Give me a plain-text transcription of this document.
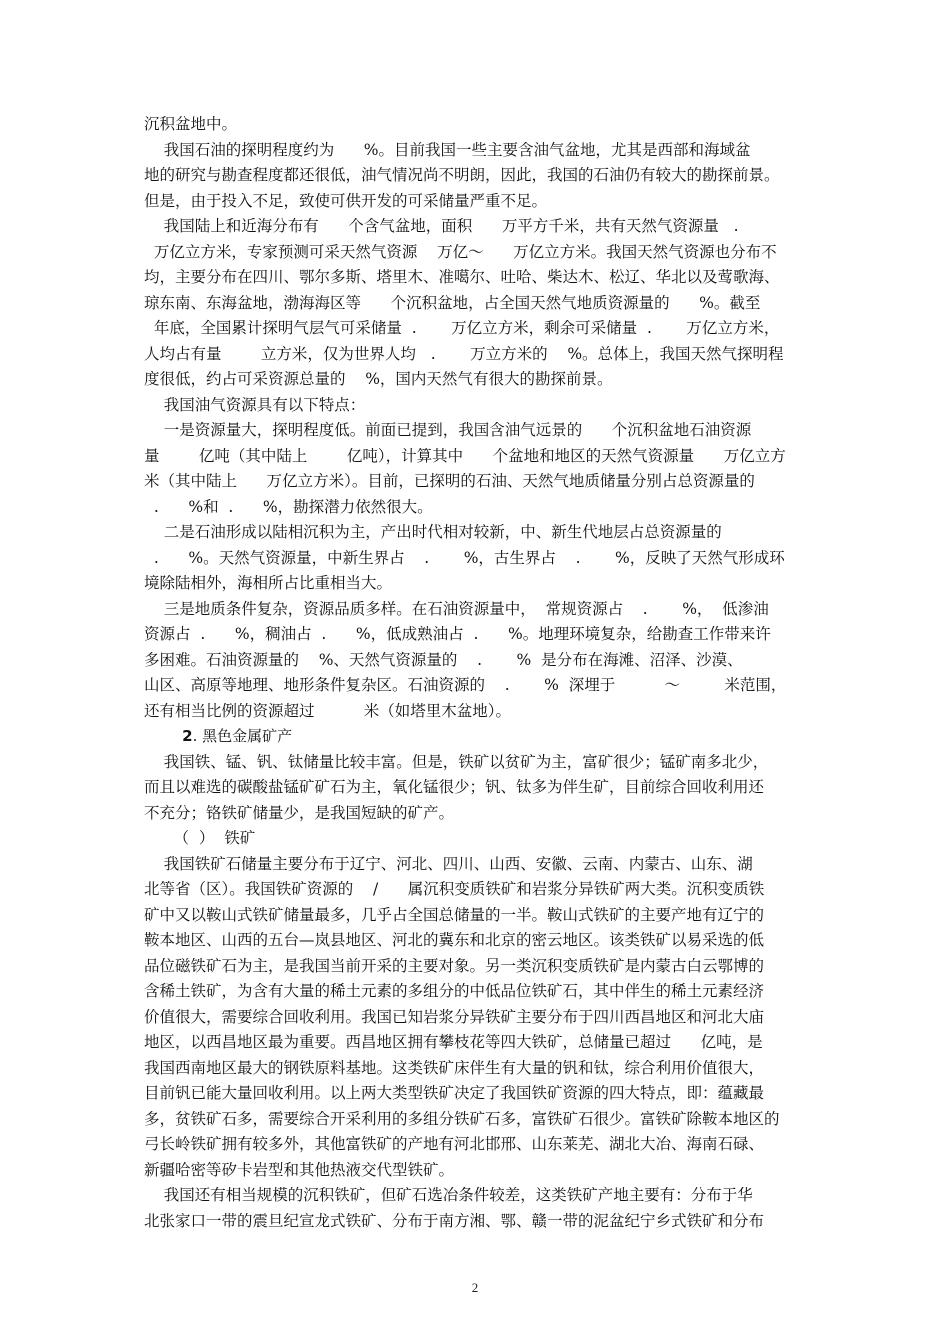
沉积盆地中。
我国石油的探明程度约为      %。目前我国一些主要含油气盆地，尤其是西部和海域盆
地的研究与勘查程度都还很低，油气情况尚不明朗，因此，我国的石油仍有较大的勘探前景。
但是，由于投入不足，致使可供开发的可采储量严重不足。
我国陆上和近海分布有      个含气盆地，面积      万平方千米，共有天然气资源量   .
万亿立方米，专家预测可采天然气资源    万亿～      万亿立方米。我国天然气资源也分布不
均，主要分布在四川、鄂尔多斯、塔里木、准噶尔、吐哈、柴达木、松辽、华北以及莺歌海、
琼东南、东海盆地，渤海海区等      个沉积盆地，占全国天然气地质资源量的      %。截至
年底，全国累计探明气层气可采储量  .       万亿立方米，剩余可采储量  .       万亿立方米，
人均占有量        立方米，仅为世界人均   .       万立方米的    %。总体上，我国天然气探明程
度很低，约占可采资源总量的    %，国内天然气有很大的勘探前景。
我国油气资源具有以下特点：
一是资源量大，探明程度低。前面已提到，我国含油气远景的      个沉积盆地石油资源
量        亿吨（其中陆上        亿吨），计算其中      个盆地和地区的天然气资源量      万亿立方
米（其中陆上      万亿立方米）。目前，已探明的石油、天然气地质储量分别占总资源量的
.      %和  .      %，勘探潜力依然很大。
二是石油形成以陆相沉积为主，产出时代相对较新，中、新生代地层占总资源量的
.      %。天然气资源量，中新生界占    .       %，古生界占    .       %，反映了天然气形成环
境除陆相外，海相所占比重相当大。
三是地质条件复杂，资源品质多样。在石油资源量中，  常规资源占    .       %，  低渗油
资源占  .      %，稠油占  .      %，低成熟油占  .      %。地理环境复杂，给勘查工作带来许
多困难。石油资源量的    %、天然气资源量的    .       %  是分布在海滩、沼泽、沙漠、
山区、高原等地理、地形条件复杂区。石油资源的    .       %  深埋于          ～         米范围，
还有相当比例的资源超过          米（如塔里木盆地）。
2. 黑色金属矿产
我国铁、锰、钒、钛储量比较丰富。但是，铁矿以贫矿为主，富矿很少；锰矿南多北少，
而且以难选的碳酸盐锰矿矿石为主，氧化锰很少；钒、钛多为伴生矿，目前综合回收利用还
不充分；铬铁矿储量少，是我国短缺的矿产。
（  ）  铁矿
我国铁矿石储量主要分布于辽宁、河北、四川、山西、安徽、云南、内蒙古、山东、湖
北等省（区）。我国铁矿资源的    /      属沉积变质铁矿和岩浆分异铁矿两大类。沉积变质铁
矿中又以鞍山式铁矿储量最多，几乎占全国总储量的一半。鞍山式铁矿的主要产地有辽宁的
鞍本地区、山西的五台—岚县地区、河北的冀东和北京的密云地区。该类铁矿以易采选的低
品位磁铁矿石为主，是我国当前开采的主要对象。另一类沉积变质铁矿是内蒙古白云鄂博的
含稀土铁矿，为含有大量的稀土元素的多组分的中低品位铁矿石，其中伴生的稀土元素经济
价值很大，需要综合回收利用。我国已知岩浆分异铁矿主要分布于四川西昌地区和河北大庙
地区，以西昌地区最为重要。西昌地区拥有攀枝花等四大铁矿，总储量已超过      亿吨，是
我国西南地区最大的钢铁原料基地。这类铁矿床伴生有大量的钒和钛，综合利用价值很大，
目前钒已能大量回收利用。以上两大类型铁矿决定了我国铁矿资源的四大特点，即：蕴藏最
多，贫铁矿石多，需要综合开采利用的多组分铁矿石多，富铁矿石很少。富铁矿除鞍本地区的
弓长岭铁矿拥有较多外，其他富铁矿的产地有河北邯邢、山东莱芜、湖北大冶、海南石碌、
新疆哈密等矽卡岩型和其他热液交代型铁矿。
我国还有相当规模的沉积铁矿，但矿石选冶条件较差，这类铁矿产地主要有：分布于华
北张家口一带的震旦纪宣龙式铁矿、分布于南方湘、鄂、赣一带的泥盆纪宁乡式铁矿和分布
2
